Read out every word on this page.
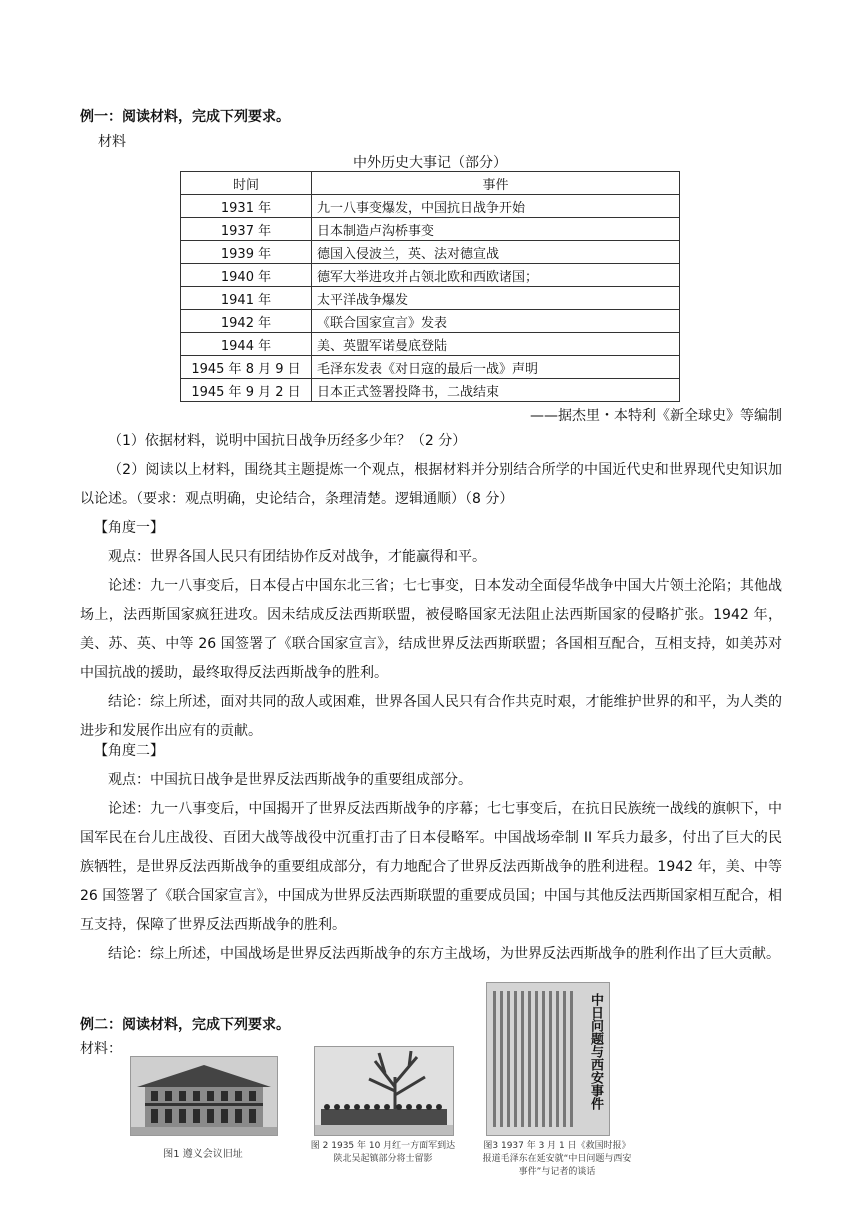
例一：阅读材料，完成下列要求。
材料
中外历史大事记（部分）
时间	事件
1931 年	九一八事变爆发，中国抗日战争开始
1937 年	日本制造卢沟桥事变
1939 年	德国入侵波兰，英、法对德宣战
1940 年	德军大举进攻并占领北欧和西欧诸国；
1941 年	太平洋战争爆发
1942 年	《联合国家宣言》发表
1944 年	美、英盟军诺曼底登陆
1945 年 8 月 9 日	毛泽东发表《对日寇的最后一战》声明
1945 年 9 月 2 日	日本正式签署投降书，二战结束
——据杰里・本特利《新全球史》等编制
（1）依据材料，说明中国抗日战争历经多少年？（2 分）
（2）阅读以上材料，围绕其主题提炼一个观点，根据材料并分别结合所学的中国近代史和世界现代史知识加以论述。（要求：观点明确，史论结合，条理清楚。逻辑通顺）（8 分）
【角度一】
观点：世界各国人民只有团结协作反对战争，才能赢得和平。
论述：九一八事变后，日本侵占中国东北三省；七七事变，日本发动全面侵华战争中国大片领土沦陷；其他战场上，法西斯国家疯狂进攻。因未结成反法西斯联盟，被侵略国家无法阻止法西斯国家的侵略扩张。1942 年，美、苏、英、中等 26 国签署了《联合国家宣言》，结成世界反法西斯联盟；各国相互配合，互相支持，如美苏对中国抗战的援助，最终取得反法西斯战争的胜利。
结论：综上所述，面对共同的敌人或困难，世界各国人民只有合作共克时艰，才能维护世界的和平，为人类的进步和发展作出应有的贡献。
【角度二】
观点：中国抗日战争是世界反法西斯战争的重要组成部分。
论述：九一八事变后，中国揭开了世界反法西斯战争的序幕；七七事变后，在抗日民族统一战线的旗帜下，中国军民在台儿庄战役、百团大战等战役中沉重打击了日本侵略军。中国战场牵制 II 军兵力最多，付出了巨大的民族牺牲，是世界反法西斯战争的重要组成部分，有力地配合了世界反法西斯战争的胜利进程。1942 年，美、中等 26 国签署了《联合国家宣言》，中国成为世界反法西斯联盟的重要成员国；中国与其他反法西斯国家相互配合，相互支持，保障了世界反法西斯战争的胜利。
结论：综上所述，中国战场是世界反法西斯战争的东方主战场，为世界反法西斯战争的胜利作出了巨大贡献。
例二：阅读材料，完成下列要求。
材料：
图1 遵义会议旧址
图 2 1935 年 10 月红一方面军到达陕北吴起镇部分将士留影
中日问题与西安事件
图3 1937 年 3 月 1 日《救国时报》报道毛泽东在延安就“中日问题与西安事件”与记者的谈话
